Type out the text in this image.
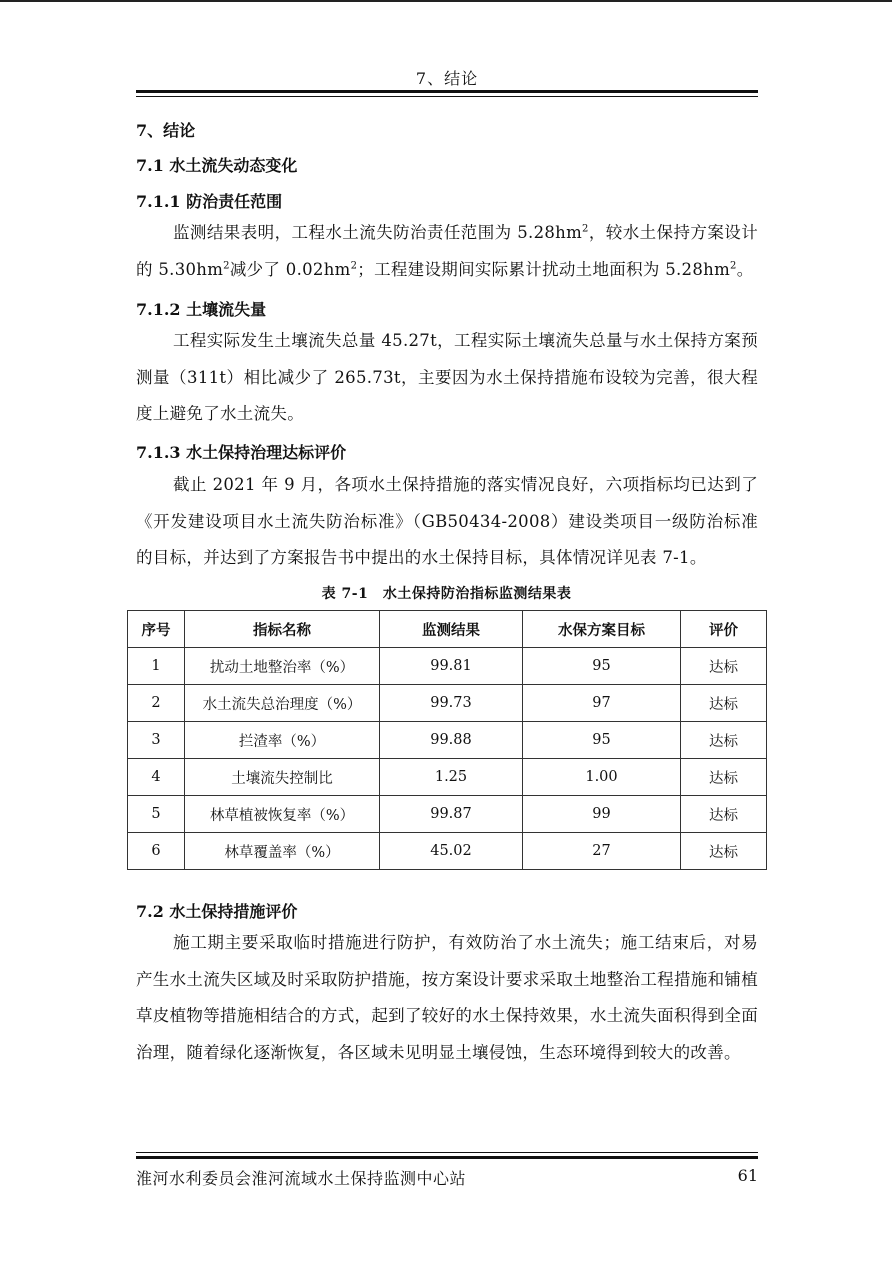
7、结论
7、结论
7.1 水土流失动态变化
7.1.1 防治责任范围

监测结果表明，工程水土流失防治责任范围为 $5.28hm^2$，较水土保持方案设计的 $5.30hm^2$减少了 $0.02hm^2$；工程建设期间实际累计扰动土地面积为 $5.28hm^2$。

7.1.2 土壤流失量

工程实际发生土壤流失总量 45.27t，工程实际土壤流失总量与水土保持方案预测量（311t）相比减少了 265.73t，主要因为水土保持措施布设较为完善，很大程度上避免了水土流失。

7.1.3 水土保持治理达标评价

截止 2021 年 9 月，各项水土保持措施的落实情况良好，六项指标均已达到了《开发建设项目水土流失防治标准》（GB50434-2008）建设类项目一级防治标准的目标，并达到了方案报告书中提出的水土保持目标，具体情况详见表 7-1。

表 7-1　水土保持防治指标监测结果表
序号	指标名称	监测结果	水保方案目标	评价
1	扰动土地整治率（%）	99.81	95	达标
2	水土流失总治理度（%）	99.73	97	达标
3	拦渣率（%）	99.88	95	达标
4	土壤流失控制比	1.25	1.00	达标
5	林草植被恢复率（%）	99.87	99	达标
6	林草覆盖率（%）	45.02	27	达标
7.2 水土保持措施评价

施工期主要采取临时措施进行防护，有效防治了水土流失；施工结束后，对易产生水土流失区域及时采取防护措施，按方案设计要求采取土地整治工程措施和铺植草皮植物等措施相结合的方式，起到了较好的水土保持效果，水土流失面积得到全面治理，随着绿化逐渐恢复，各区域未见明显土壤侵蚀，生态环境得到较大的改善。

淮河水利委员会淮河流域水土保持监测中心站	61
